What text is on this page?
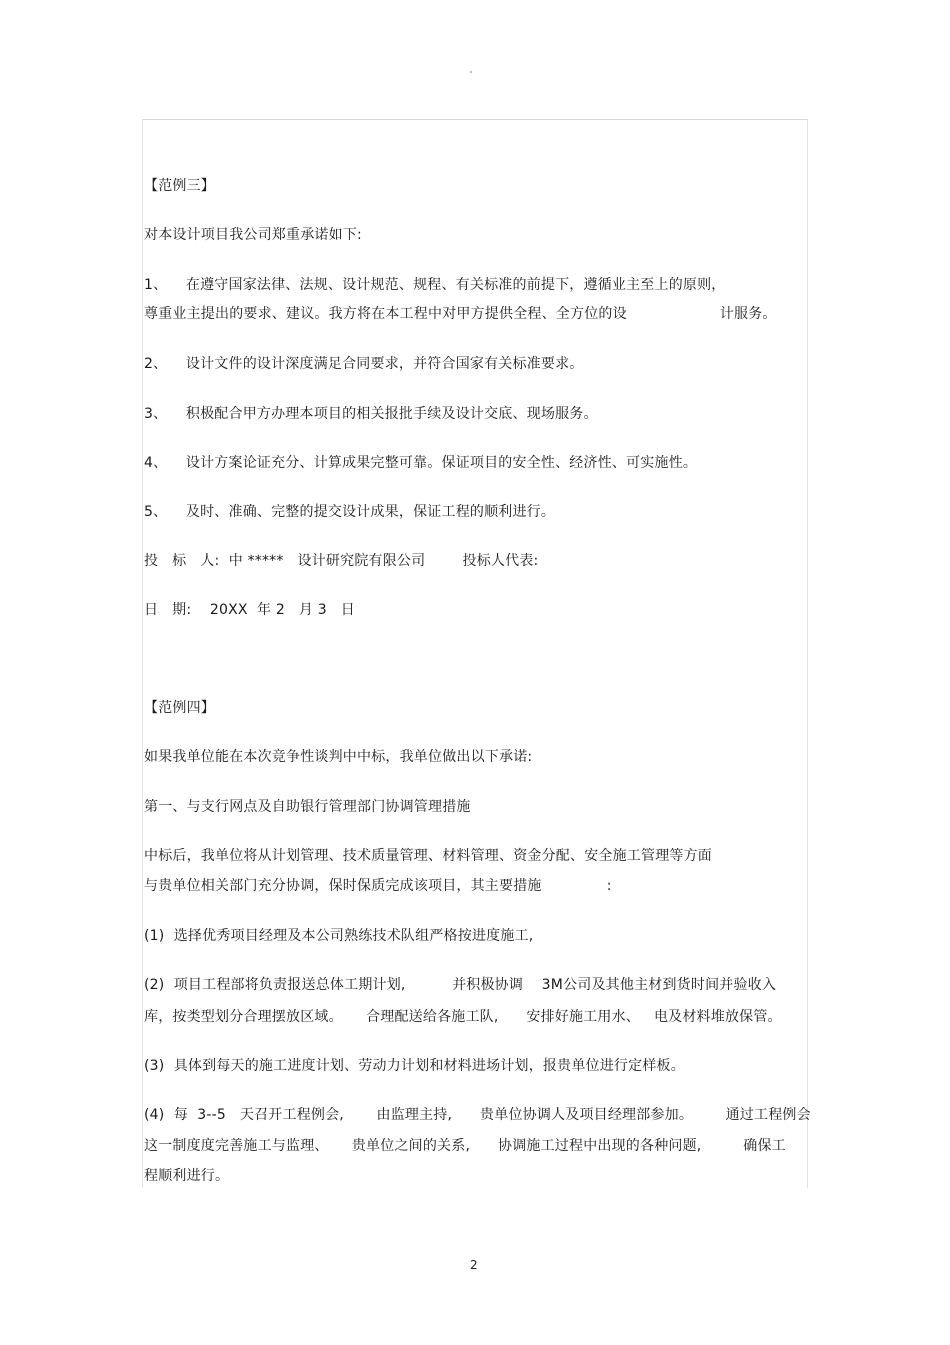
"
【范例三】
对本设计项目我公司郑重承诺如下:
1、    在遵守国家法律、法规、设计规范、规程、有关标准的前提下，遵循业主至上的原则，
尊重业主提出的要求、建议。我方将在本工程中对甲方提供全程、全方位的设                    计服务。
2、    设计文件的设计深度满足合同要求，并符合国家有关标准要求。
3、    积极配合甲方办理本项目的相关报批手续及设计交底、现场服务。
4、    设计方案论证充分、计算成果完整可靠。保证项目的安全性、经济性、可实施性。
5、    及时、准确、完整的提交设计成果，保证工程的顺利进行。
投   标   人:  中 *****   设计研究院有限公司        投标人代表:
日   期:    20XX  年 2   月 3   日
【范例四】
如果我单位能在本次竞争性谈判中中标，我单位做出以下承诺:
第一、与支行网点及自助银行管理部门协调管理措施
中标后，我单位将从计划管理、技术质量管理、材料管理、资金分配、安全施工管理等方面
与贵单位相关部门充分协调，保时保质完成该项目，其主要措施              :
(1)  选择优秀项目经理及本公司熟练技术队组严格按进度施工,
(2)  项目工程部将负责报送总体工期计划,          并积极协调    3M公司及其他主材到货时间并验收入
库，按类型划分合理摆放区域。     合理配送给各施工队,      安排好施工用水、   电及材料堆放保管。
(3)  具体到每天的施工进度计划、劳动力计划和材料进场计划，报贵单位进行定样板。
(4)  每  3--5   天召开工程例会,       由监理主持,      贵单位协调人及项目经理部参加。       通过工程例会
这一制度度完善施工与监理、     贵单位之间的关系,      协调施工过程中出现的各种问题,         确保工
程顺利进行。
2
